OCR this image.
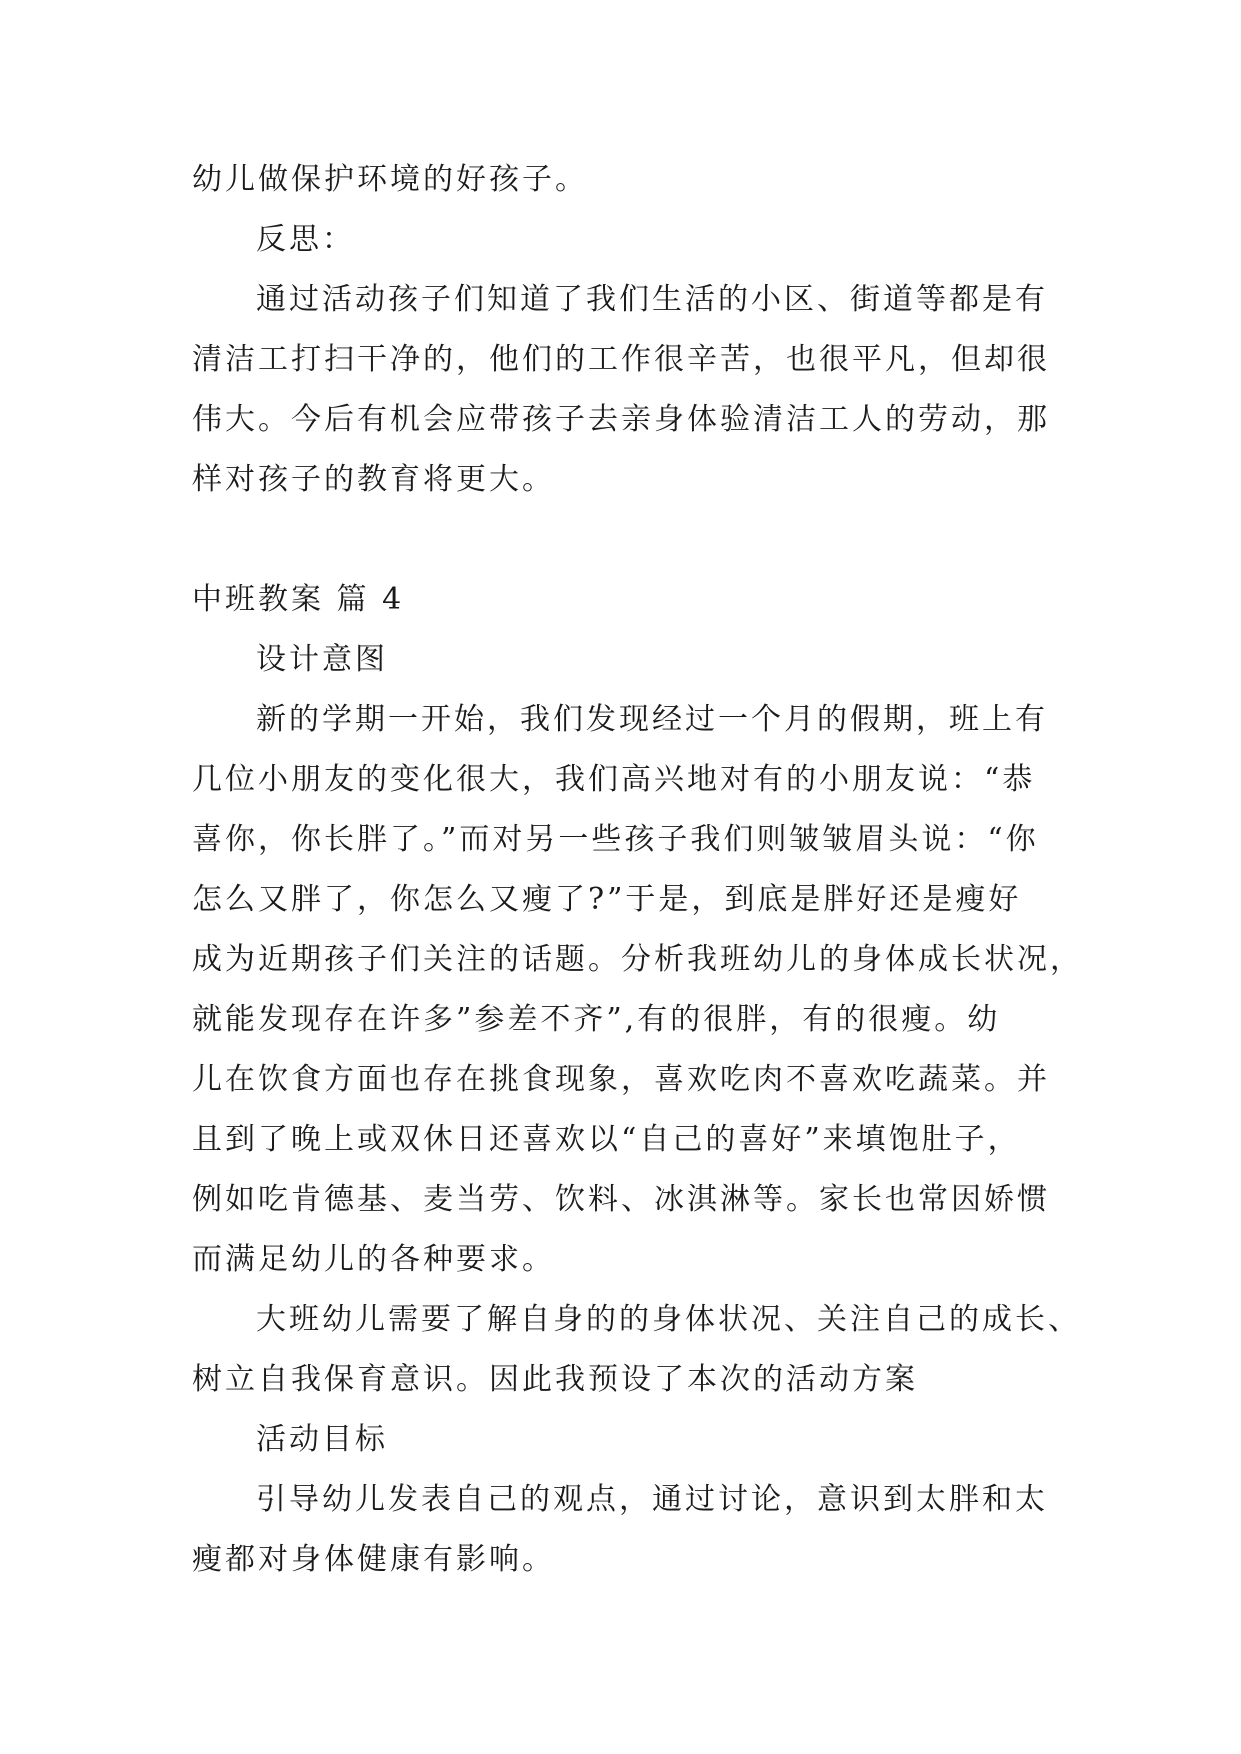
幼儿做保护环境的好孩子。
反思：
通过活动孩子们知道了我们生活的小区、街道等都是有
清洁工打扫干净的，他们的工作很辛苦，也很平凡，但却很
伟大。今后有机会应带孩子去亲身体验清洁工人的劳动，那
样对孩子的教育将更大。
中班教案 篇 4
设计意图
新的学期一开始，我们发现经过一个月的假期，班上有
几位小朋友的变化很大，我们高兴地对有的小朋友说：“恭
喜你，你长胖了。”而对另一些孩子我们则皱皱眉头说：“你
怎么又胖了，你怎么又瘦了?”于是，到底是胖好还是瘦好
成为近期孩子们关注的话题。分析我班幼儿的身体成长状况，
就能发现存在许多”参差不齐”,有的很胖，有的很瘦。幼
儿在饮食方面也存在挑食现象，喜欢吃肉不喜欢吃蔬菜。并
且到了晚上或双休日还喜欢以“自己的喜好”来填饱肚子，
例如吃肯德基、麦当劳、饮料、冰淇淋等。家长也常因娇惯
而满足幼儿的各种要求。
大班幼儿需要了解自身的的身体状况、关注自己的成长、
树立自我保育意识。因此我预设了本次的活动方案
活动目标
引导幼儿发表自己的观点，通过讨论，意识到太胖和太
瘦都对身体健康有影响。
